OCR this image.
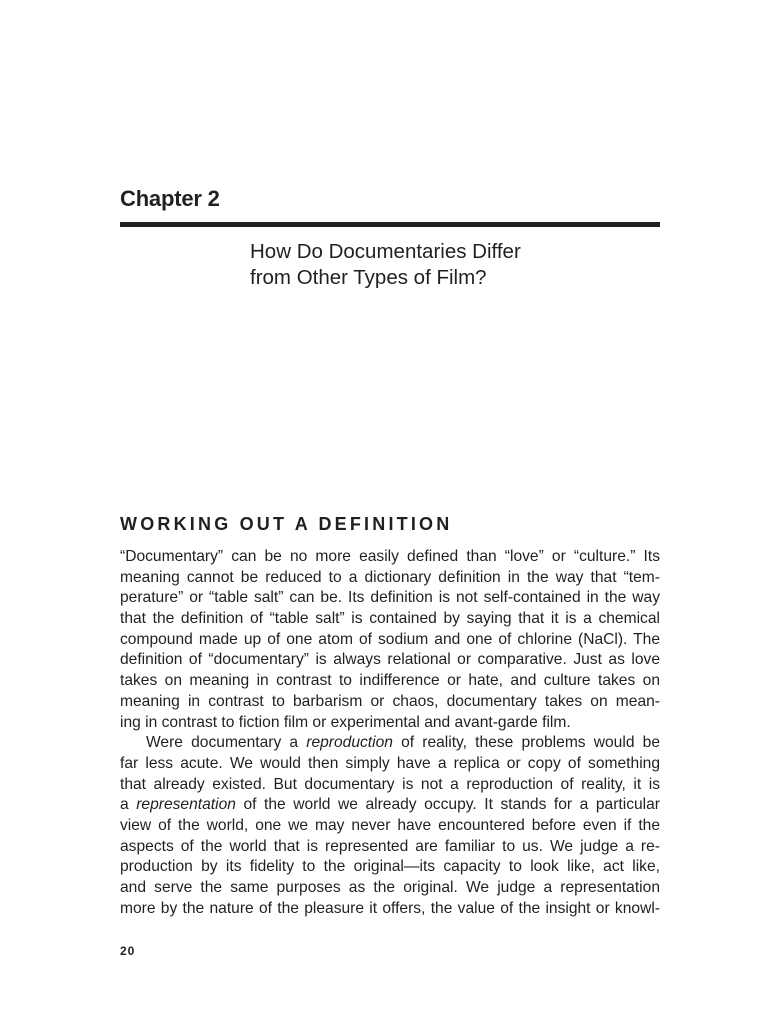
Chapter 2
How Do Documentaries Differ
from Other Types of Film?
WORKING OUT A DEFINITION
“Documentary” can be no more easily defined than “love” or “culture.” Its
meaning cannot be reduced to a dictionary definition in the way that “tem-
perature” or “table salt” can be. Its definition is not self-contained in the way
that the definition of “table salt” is contained by saying that it is a chemical
compound made up of one atom of sodium and one of chlorine (NaCl). The
definition of “documentary” is always relational or comparative. Just as love
takes on meaning in contrast to indifference or hate, and culture takes on
meaning in contrast to barbarism or chaos, documentary takes on mean-
ing in contrast to fiction film or experimental and avant-garde film.
Were documentary a reproduction of reality, these problems would be
far less acute. We would then simply have a replica or copy of something
that already existed. But documentary is not a reproduction of reality, it is
a representation of the world we already occupy. It stands for a particular
view of the world, one we may never have encountered before even if the
aspects of the world that is represented are familiar to us. We judge a re-
production by its fidelity to the original—its capacity to look like, act like,
and serve the same purposes as the original. We judge a representation
more by the nature of the pleasure it offers, the value of the insight or knowl-
20
